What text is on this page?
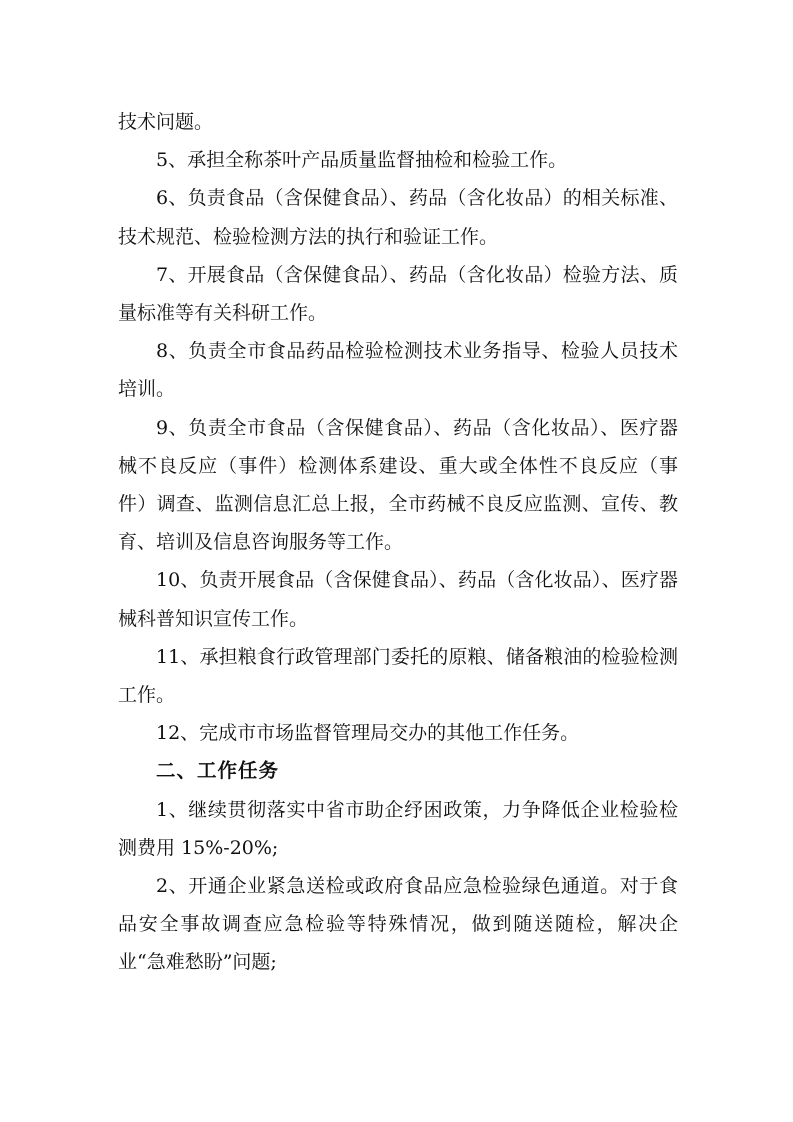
技术问题。

5、承担全称茶叶产品质量监督抽检和检验工作。

6、负责食品（含保健食品）、药品（含化妆品）的相关标准、技术规范、检验检测方法的执行和验证工作。

7、开展食品（含保健食品）、药品（含化妆品）检验方法、质量标准等有关科研工作。

8、负责全市食品药品检验检测技术业务指导、检验人员技术培训。

9、负责全市食品（含保健食品）、药品（含化妆品）、医疗器械不良反应（事件）检测体系建设、重大或全体性不良反应（事件）调查、监测信息汇总上报，全市药械不良反应监测、宣传、教育、培训及信息咨询服务等工作。

10、负责开展食品（含保健食品）、药品（含化妆品）、医疗器械科普知识宣传工作。

11、承担粮食行政管理部门委托的原粮、储备粮油的检验检测工作。

12、完成市市场监督管理局交办的其他工作任务。

二、工作任务

1、继续贯彻落实中省市助企纾困政策，力争降低企业检验检测费用 15%-20%;

2、开通企业紧急送检或政府食品应急检验绿色通道。对于食品安全事故调查应急检验等特殊情况，做到随送随检，解决企业“急难愁盼”问题;
